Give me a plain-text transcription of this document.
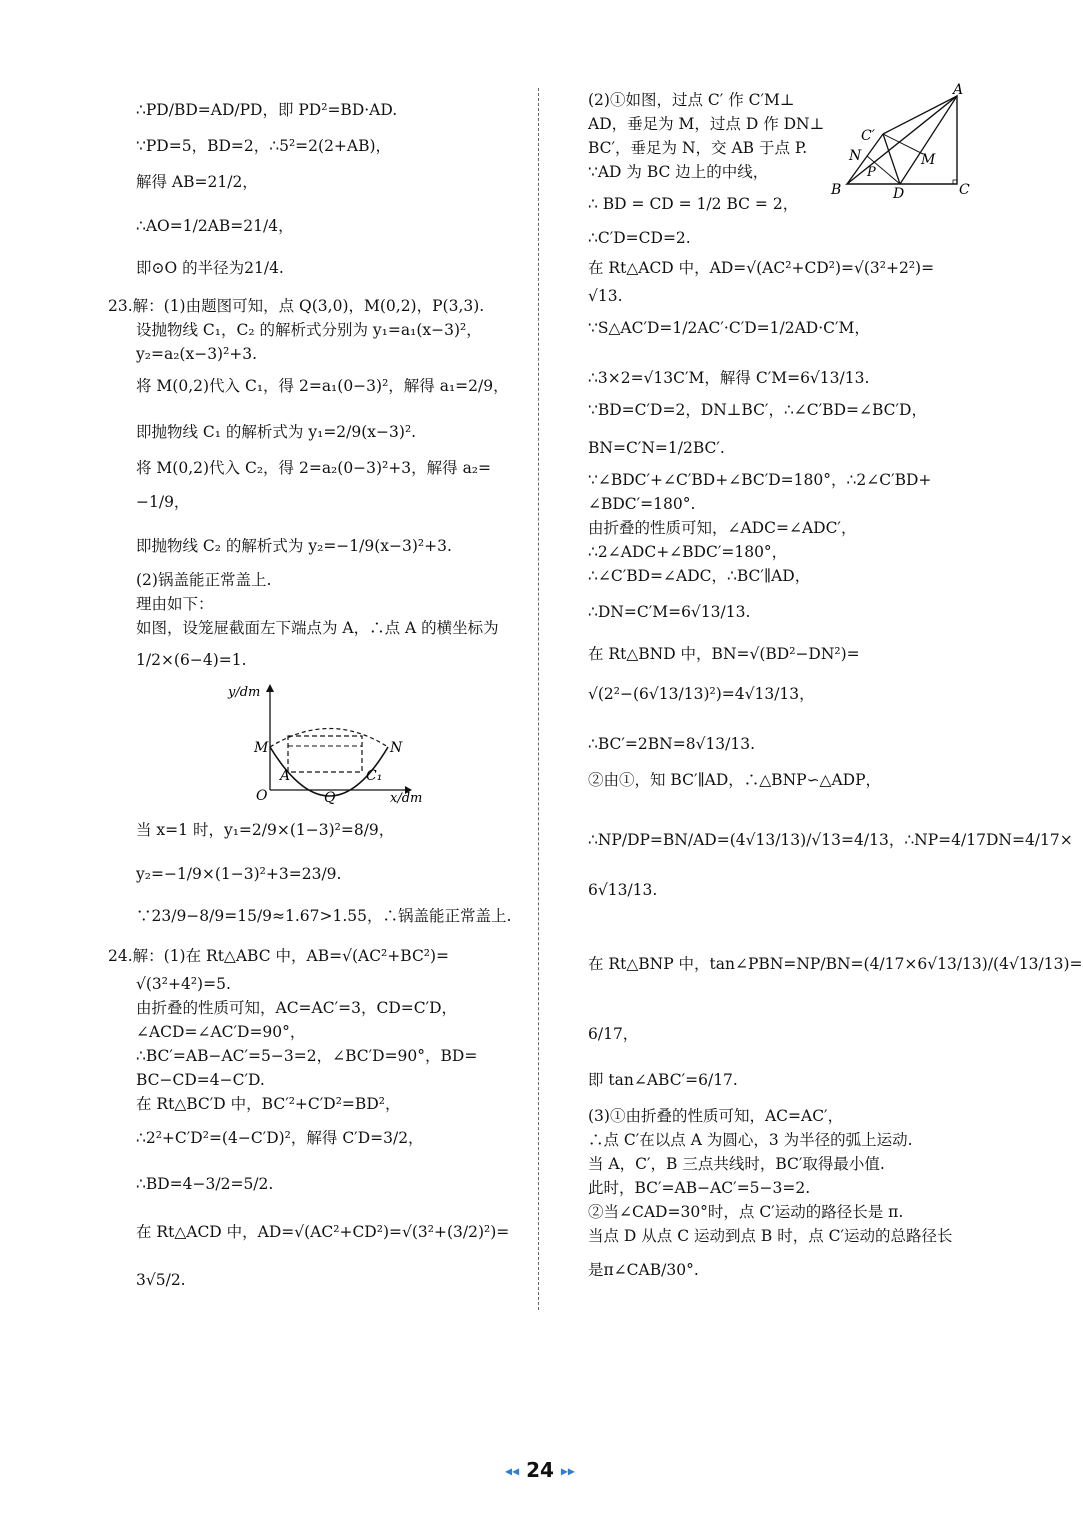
∴PD/BD=AD/PD，即 PD²=BD·AD.
∵PD=5，BD=2，∴5²=2(2+AB)，
解得 AB=21/2，
∴AO=1/2AB=21/4，
即⊙O 的半径为21/4.
23.解：(1)由题图可知，点 Q(3,0)，M(0,2)，P(3,3).
设抛物线 C₁，C₂ 的解析式分别为 y₁=a₁(x−3)²，
y₂=a₂(x−3)²+3.
将 M(0,2)代入 C₁，得 2=a₁(0−3)²，解得 a₁=2/9，
即抛物线 C₁ 的解析式为 y₁=2/9(x−3)².
将 M(0,2)代入 C₂，得 2=a₂(0−3)²+3，解得 a₂=
−1/9，
即抛物线 C₂ 的解析式为 y₂=−1/9(x−3)²+3.
(2)锅盖能正常盖上.
理由如下：
如图，设笼屉截面左下端点为 A，∴点 A 的横坐标为
1/2×(6−4)=1.
当 x=1 时，y₁=2/9×(1−3)²=8/9，
y₂=−1/9×(1−3)²+3=23/9.
∵23/9−8/9=15/9≈1.67>1.55，∴锅盖能正常盖上.
24.解：(1)在 Rt△ABC 中，AB=√(AC²+BC²)=
√(3²+4²)=5.
由折叠的性质可知，AC=AC′=3，CD=C′D，
∠ACD=∠AC′D=90°，
∴BC′=AB−AC′=5−3=2，∠BC′D=90°，BD=
BC−CD=4−C′D.
在 Rt△BC′D 中，BC′²+C′D²=BD²，
∴2²+C′D²=(4−C′D)²，解得 C′D=3/2，
∴BD=4−3/2=5/2.
在 Rt△ACD 中，AD=√(AC²+CD²)=√(3²+(3/2)²)=
3√5/2.
(2)①如图，过点 C′ 作 C′M⊥
AD，垂足为 M，过点 D 作 DN⊥
BC′，垂足为 N，交 AB 于点 P.
∵AD 为 BC 边上的中线，
∴ BD = CD = 1/2 BC = 2，
∴C′D=CD=2.
在 Rt△ACD 中，AD=√(AC²+CD²)=√(3²+2²)=
√13.
∵S△AC′D=1/2AC′·C′D=1/2AD·C′M，
∴3×2=√13C′M，解得 C′M=6√13/13.
∵BD=C′D=2，DN⊥BC′，∴∠C′BD=∠BC′D，
BN=C′N=1/2BC′.
∵∠BDC′+∠C′BD+∠BC′D=180°，∴2∠C′BD+
∠BDC′=180°.
由折叠的性质可知，∠ADC=∠ADC′，
∴2∠ADC+∠BDC′=180°，
∴∠C′BD=∠ADC，∴BC′∥AD，
∴DN=C′M=6√13/13.
在 Rt△BND 中，BN=√(BD²−DN²)=
√(2²−(6√13/13)²)=4√13/13，
∴BC′=2BN=8√13/13.
②由①，知 BC′∥AD，∴△BNP∽△ADP，
∴NP/DP=BN/AD=(4√13/13)/√13=4/13，∴NP=4/17DN=4/17×
6√13/13.
在 Rt△BNP 中，tan∠PBN=NP/BN=(4/17×6√13/13)/(4√13/13)=
6/17，
即 tan∠ABC′=6/17.
(3)①由折叠的性质可知，AC=AC′，
∴点 C′在以点 A 为圆心，3 为半径的弧上运动.
当 A，C′，B 三点共线时，BC′取得最小值.
此时，BC′=AB−AC′=5−3=2.
②当∠CAD=30°时，点 C′运动的路径长是 π.
当点 D 从点 C 运动到点 B 时，点 C′运动的总路径长
是π∠CAB/30°.
y/dm
x/dm
M	N
A	C₁
O	Q
A
B	C
D
C′
N	M
P
◂◂ 24 ▸▸
